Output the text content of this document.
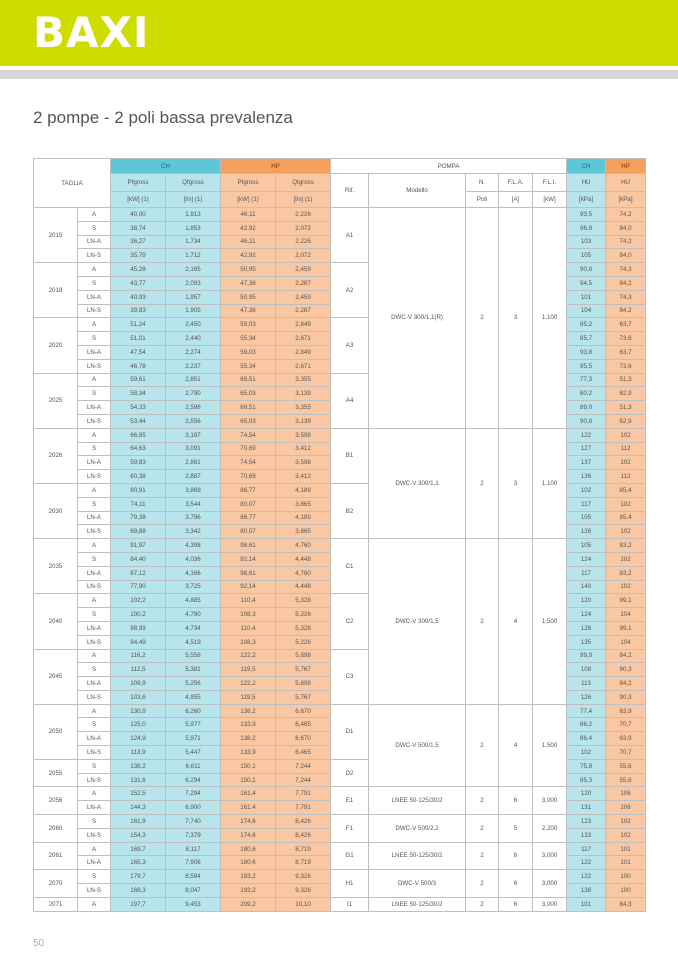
BAXI
2 pompe - 2 poli bassa prevalenza
TAGLIA		CH		HP		POMPA					CH	HP
		Pfgross	Qfgross	Ptgross	Qtgross	Rif.	Modello	N.	F.L.A.	F.L.I.	HU	HU
		[kW] (1)	[l/s] (1)	[kW] (1)	[l/s] (1)			Poli	[A]	[kW]	[kPa]	[kPa]
2015	A	40,00	1,913	46,11	2,226	A1	DWC-V 300/1,1(R)	2	3	1,100	93,5	74,2
	S	38,74	1,853	42,92	2,072						96,9	84,0
	LN-A	36,27	1,734	46,11	2,226						103	74,2
	LN-S	35,79	1,712	42,92	2,072						105	84,0
2018	A	45,28	2,165	50,95	2,459	A2					90,8	74,3
	S	43,77	2,093	47,38	2,287						94,5	84,2
	LN-A	40,93	1,957	50,95	2,459						101	74,3
	LN-S	39,83	1,905	47,38	2,287						104	84,2
2020	A	51,24	2,450	59,03	2,849	A3					85,2	63,7
	S	51,01	2,440	55,34	2,671						85,7	73,6
	LN-A	47,54	2,274	59,03	2,849						93,8	63,7
	LN-S	46,78	2,237	55,34	2,671						95,5	73,6
2025	A	59,61	2,851	69,51	3,355	A4					77,3	51,3
	S	58,34	2,790	65,03	3,139						80,2	62,9
	LN-A	54,33	2,598	69,51	3,355						89,0	51,3
	LN-S	53,44	2,556	65,03	3,139						90,8	62,9
2026	A	66,85	3,197	74,54	3,598	B1	DWC-V 300/1,1	2	3	1,100	122	102
	S	64,63	3,091	70,69	3,412						127	112
	LN-A	59,83	2,861	74,54	3,598						137	102
	LN-S	60,38	2,887	70,69	3,412						136	112
2030	A	80,91	3,869	86,77	4,189	B2					102	85,4
	S	74,11	3,544	80,07	3,865						117	102
	LN-A	79,38	3,796	86,77	4,189						105	85,4
	LN-S	69,88	3,342	80,07	3,865						126	102
2035	A	91,97	4,398	98,61	4,760	C1	DWC-V 300/1,5	2	4	1,500	105	83,2
	S	84,40	4,036	92,14	4,448						124	102
	LN-A	87,12	4,166	98,61	4,760						117	83,2
	LN-S	77,90	3,725	92,14	4,448						140	102
2040	A	102,2	4,885	110,4	5,328	C2					120	99,1
	S	100,2	4,790	108,3	5,226						124	104
	LN-A	98,99	4,734	110,4	5,328						126	99,1
	LN-S	94,49	4,519	108,3	5,226						135	104
2045	A	116,2	5,558	122,2	5,898	C3					99,9	84,2
	S	112,5	5,381	119,5	5,767						108	90,3
	LN-A	109,9	5,256	122,2	5,898						113	84,2
	LN-S	103,6	4,955	119,5	5,767						126	90,3
2050	A	130,9	6,260	138,2	6,670	D1	DWC-V 500/1,5	2	4	1,500	77,4	63,9
	S	125,0	5,977	133,9	6,465						86,2	70,7
	LN-A	124,9	5,971	138,2	6,670						86,4	63,9
	LN-S	113,9	5,447	133,9	6,465						102	70,7
2055	S	138,2	6,611	150,1	7,244	D2					75,8	55,6
	LN-S	131,6	6,294	150,1	7,244						85,3	55,6
2056	A	152,5	7,294	161,4	7,791	E1	LNEE 50-125/30/2	2	6	3,000	120	106
	LN-A	144,3	6,900	161,4	7,791						131	106
2060	S	161,9	7,740	174,6	8,426	F1	DWC-V 500/2,2	2	5	2,200	123	102
	LN-S	154,3	7,379	174,6	8,426						133	102
2061	A	169,7	8,117	180,6	8,719	G1	LNEE 50-125/30/2	2	6	3,000	117	101
	LN-A	165,3	7,906	180,6	8,719						122	101
2070	S	179,7	8,594	193,2	9,326	H1	DWC-V 500/3	2	6	3,000	122	100
	LN-S	168,3	8,047	193,2	9,326						138	100
2071	A	197,7	9,453	209,2	10,10	I1	LNEE 50-125/30/2	2	6	3,000	101	84,3
50
